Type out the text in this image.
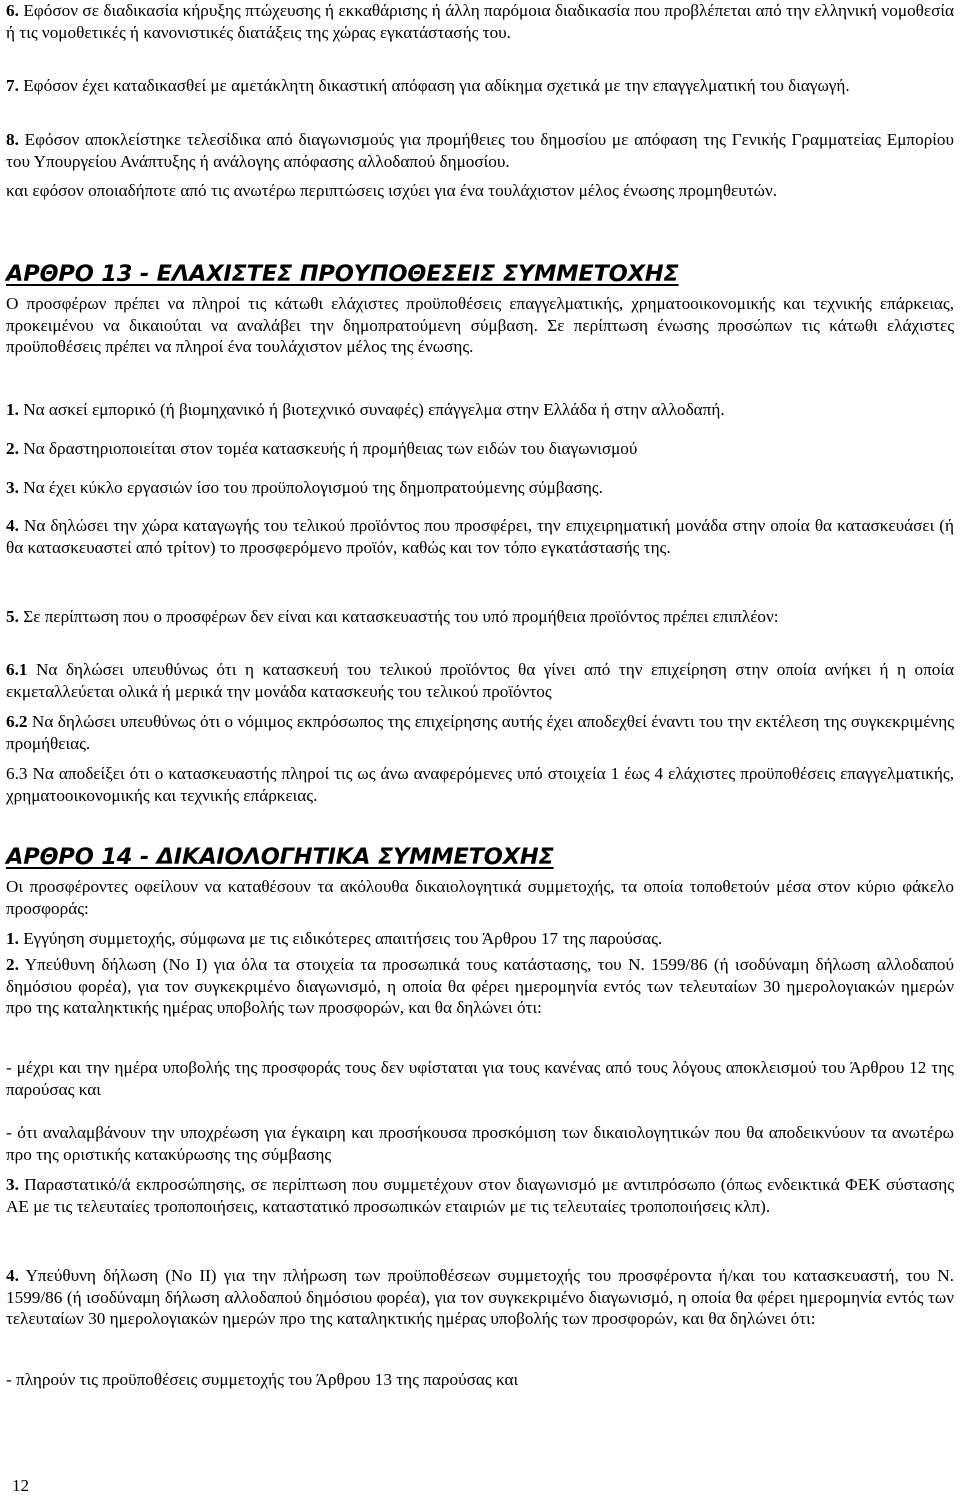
6. Εφόσον σε διαδικασία κήρυξης πτώχευσης ή εκκαθάρισης ή άλλη παρόμοια διαδικασία που προβλέπεται από την ελληνική νομοθεσία ή τις νομοθετικές ή κανονιστικές διατάξεις της χώρας εγκατάστασής του.

7. Εφόσον έχει καταδικασθεί με αμετάκλητη δικαστική απόφαση για αδίκημα σχετικά με την επαγγελματική του διαγωγή.

8. Εφόσον αποκλείστηκε τελεσίδικα από διαγωνισμούς για προμήθειες του δημοσίου με απόφαση της Γενικής Γραμματείας Εμπορίου του Υπουργείου Ανάπτυξης ή ανάλογης απόφασης αλλοδαπού δημοσίου.

και εφόσον οποιαδήποτε από τις ανωτέρω περιπτώσεις ισχύει για ένα τουλάχιστον μέλος ένωσης προμηθευτών.

ΑΡΘΡΟ 13 - ΕΛΑΧΙΣΤΕΣ ΠΡΟΥΠΟΘΕΣΕΙΣ ΣΥΜΜΕΤΟΧΗΣ

Ο προσφέρων πρέπει να πληροί τις κάτωθι ελάχιστες προϋποθέσεις επαγγελματικής, χρηματοοικονομικής και τεχνικής επάρκειας, προκειμένου να δικαιούται να αναλάβει την δημοπρατούμενη σύμβαση. Σε περίπτωση ένωσης προσώπων τις κάτωθι ελάχιστες προϋποθέσεις πρέπει να πληροί ένα τουλάχιστον μέλος της ένωσης.

1. Να ασκεί εμπορικό (ή βιομηχανικό ή βιοτεχνικό συναφές) επάγγελμα στην Ελλάδα ή στην αλλοδαπή.

2. Να δραστηριοποιείται στον τομέα κατασκευής ή προμήθειας των ειδών του διαγωνισμού

3. Να έχει κύκλο εργασιών ίσο του προϋπολογισμού της δημοπρατούμενης σύμβασης.

4. Να δηλώσει την χώρα καταγωγής του τελικού προϊόντος που προσφέρει, την επιχειρηματική μονάδα στην οποία θα κατασκευάσει (ή θα κατασκευαστεί από τρίτον) το προσφερόμενο προϊόν, καθώς και τον τόπο εγκατάστασής της.

5. Σε περίπτωση που ο προσφέρων δεν είναι και κατασκευαστής του υπό προμήθεια προϊόντος πρέπει επιπλέον:

6.1 Να δηλώσει υπευθύνως ότι η κατασκευή του τελικού προϊόντος θα γίνει από την επιχείρηση στην οποία ανήκει ή η οποία εκμεταλλεύεται ολικά ή μερικά την μονάδα κατασκευής του τελικού προϊόντος

6.2 Να δηλώσει υπευθύνως ότι ο νόμιμος εκπρόσωπος της επιχείρησης αυτής έχει αποδεχθεί έναντι του την εκτέλεση της συγκεκριμένης προμήθειας.

6.3 Να αποδείξει ότι ο κατασκευαστής πληροί τις ως άνω αναφερόμενες υπό στοιχεία 1 έως 4 ελάχιστες προϋποθέσεις επαγγελματικής, χρηματοοικονομικής και τεχνικής επάρκειας.

ΑΡΘΡΟ 14 - ΔΙΚΑΙΟΛΟΓΗΤΙΚΑ ΣΥΜΜΕΤΟΧΗΣ

Οι προσφέροντες οφείλουν να καταθέσουν τα ακόλουθα δικαιολογητικά συμμετοχής, τα οποία τοποθετούν μέσα στον κύριο φάκελο προσφοράς:

1. Εγγύηση συμμετοχής, σύμφωνα με τις ειδικότερες απαιτήσεις του Άρθρου 17 της παρούσας.

2. Υπεύθυνη δήλωση (Νο Ι) για όλα τα στοιχεία τα προσωπικά τους κατάστασης, του Ν. 1599/86 (ή ισοδύναμη δήλωση αλλοδαπού δημόσιου φορέα), για τον συγκεκριμένο διαγωνισμό, η οποία θα φέρει ημερομηνία εντός των τελευταίων 30 ημερολογιακών ημερών προ της καταληκτικής ημέρας υποβολής των προσφορών, και θα δηλώνει ότι:

- μέχρι και την ημέρα υποβολής της προσφοράς τους δεν υφίσταται για τους κανένας από τους λόγους αποκλεισμού του Άρθρου 12 της παρούσας και

- ότι αναλαμβάνουν την υποχρέωση για έγκαιρη και προσήκουσα προσκόμιση των δικαιολογητικών που θα αποδεικνύουν τα ανωτέρω προ της οριστικής κατακύρωσης της σύμβασης

3. Παραστατικό/ά εκπροσώπησης, σε περίπτωση που συμμετέχουν στον διαγωνισμό με αντιπρόσωπο (όπως ενδεικτικά ΦΕΚ σύστασης ΑΕ με τις τελευταίες τροποποιήσεις, καταστατικό προσωπικών εταιριών με τις τελευταίες τροποποιήσεις κλπ).

4. Υπεύθυνη δήλωση (Νο ΙΙ) για την πλήρωση των προϋποθέσεων συμμετοχής του προσφέροντα ή/και του κατασκευαστή, του Ν. 1599/86 (ή ισοδύναμη δήλωση αλλοδαπού δημόσιου φορέα), για τον συγκεκριμένο διαγωνισμό, η οποία θα φέρει ημερομηνία εντός των τελευταίων 30 ημερολογιακών ημερών προ της καταληκτικής ημέρας υποβολής των προσφορών, και θα δηλώνει ότι:

- πληρούν τις προϋποθέσεις συμμετοχής του Άρθρου 13 της παρούσας και

12
